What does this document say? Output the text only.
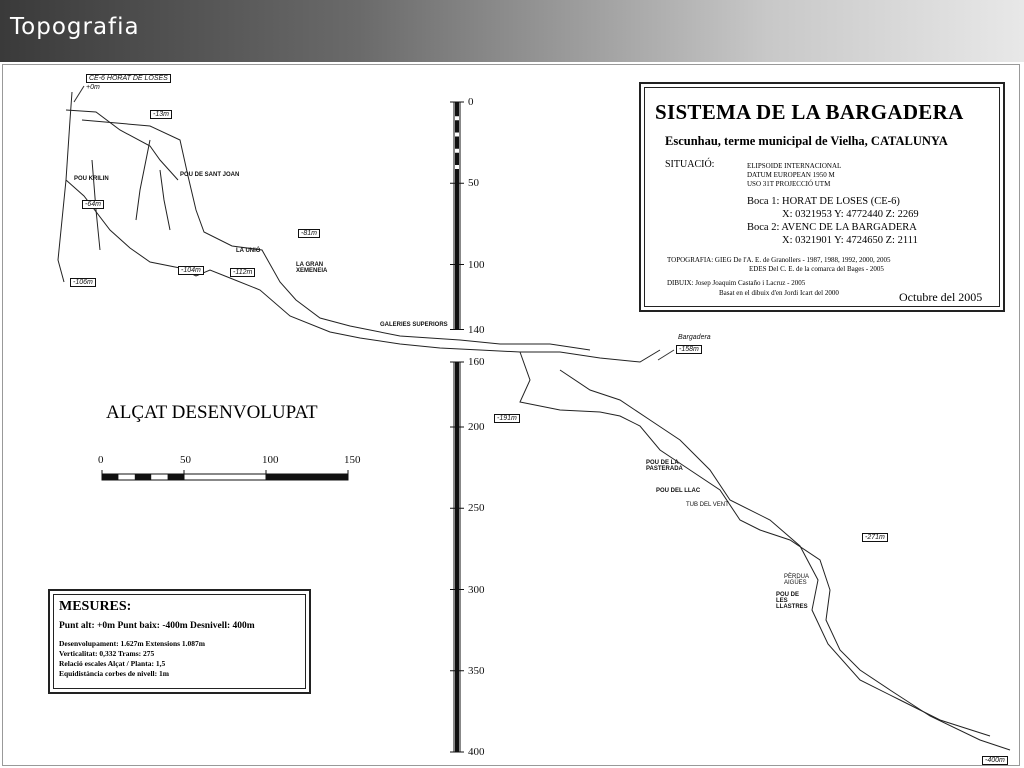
Topografia
0
50
100
140
160
200
250
300
350
400
0	50	100	150
CE-6 HORAT DE LOSES
+0m
-13m
-64m
-81m
-104m	-112m
-106m
Bargadera
-158m
-191m
-271m
-400m
POU KRILIN
POU DE SANT JOAN
LA UNIÓ
LA GRAN XEMENEIA
GALERIES SUPERIORS
POU DE LA PASTERADA
POU DEL LLAC
TUB DEL VENT
PÈRDUA AIGÜES
POU DE LES LLASTRES
SISTEMA DE LA BARGADERA
Escunhau, terme municipal de Vielha, CATALUNYA
SITUACIÓ:	ELIPSOIDE INTERNACIONAL
DATUM EUROPEAN 1950 M
USO 31T PROJECCIÓ UTM
Boca 1: HORAT DE LOSES (CE-6)
X: 0321953 Y: 4772440 Z: 2269
Boca 2: AVENC DE LA BARGADERA
X: 0321901 Y: 4724650 Z: 2111
TOPOGRAFIA: GIEG De l'A. E. de Granollers - 1987, 1988, 1992, 2000, 2005
EDES Del C. E. de la comarca del Bages - 2005
DIBUIX: Josep Joaquim Castaño i Lacruz - 2005
Basat en el dibuix d'en Jordi Icart del 2000	Octubre del 2005
ALÇAT DESENVOLUPAT
MESURES:
Punt alt: +0m Punt baix: -400m Desnivell: 400m
Desenvolupament: 1.627m Extensions 1.087m
Verticalitat: 0,332 Trams: 275
Relació escales Alçat / Planta: 1,5
Equidistància corbes de nivell: 1m
